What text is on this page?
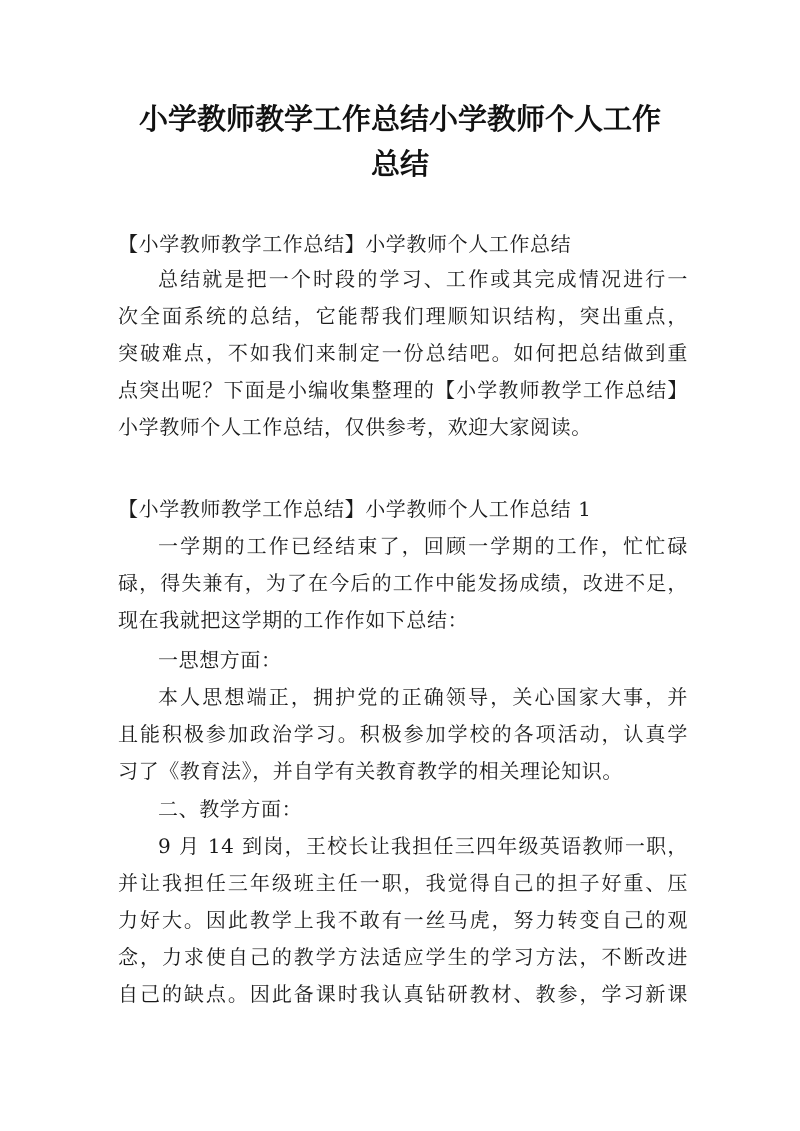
小学教师教学工作总结小学教师个人工作
总结

【小学教师教学工作总结】小学教师个人工作总结

总结就是把一个时段的学习、工作或其完成情况进行一

次全面系统的总结，它能帮我们理顺知识结构，突出重点，

突破难点，不如我们来制定一份总结吧。如何把总结做到重

点突出呢？下面是小编收集整理的【小学教师教学工作总结】

小学教师个人工作总结，仅供参考，欢迎大家阅读。

【小学教师教学工作总结】小学教师个人工作总结 1

一学期的工作已经结束了，回顾一学期的工作，忙忙碌

碌，得失兼有，为了在今后的工作中能发扬成绩，改进不足，

现在我就把这学期的工作作如下总结：

一思想方面：

本人思想端正，拥护党的正确领导，关心国家大事，并

且能积极参加政治学习。积极参加学校的各项活动，认真学

习了《教育法》，并自学有关教育教学的相关理论知识。

二、教学方面：

9 月 14 到岗，王校长让我担任三四年级英语教师一职，

并让我担任三年级班主任一职，我觉得自己的担子好重、压

力好大。因此教学上我不敢有一丝马虎，努力转变自己的观

念，力求使自己的教学方法适应学生的学习方法，不断改进

自己的缺点。因此备课时我认真钻研教材、教参，学习新课
